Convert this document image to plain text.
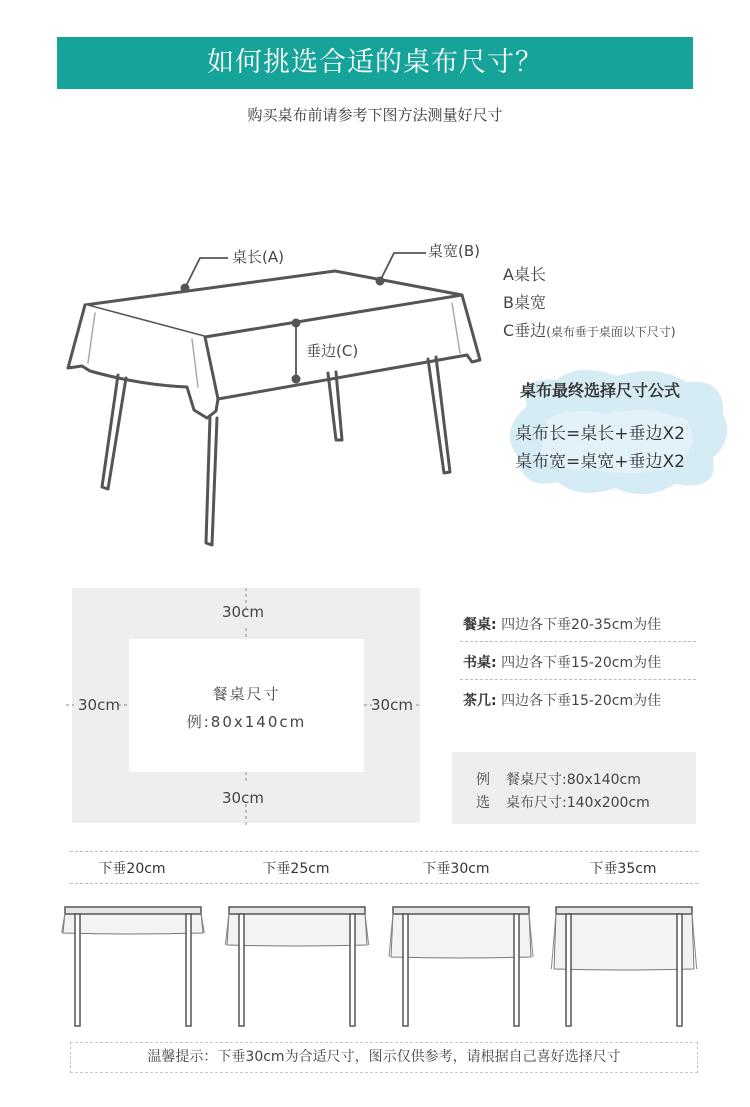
如何挑选合适的桌布尺寸？
购买桌布前请参考下图方法测量好尺寸
桌长(A)	桌宽(B)
垂边(C)
A桌长
B桌宽
C垂边(桌布垂于桌面以下尺寸)
桌布最终选择尺寸公式
桌布长=桌长+垂边X2
桌布宽=桌宽+垂边X2
30cm
30cm
30cm	30cm
餐桌尺寸
例:80x140cm
餐桌: 四边各下垂20-35cm为佳
书桌: 四边各下垂15-20cm为佳
茶几: 四边各下垂15-20cm为佳
例 餐桌尺寸:80x140cm
选 桌布尺寸:140x200cm
下垂20cm	下垂25cm	下垂30cm	下垂35cm
温馨提示：下垂30cm为合适尺寸，图示仅供参考，请根据自己喜好选择尺寸
